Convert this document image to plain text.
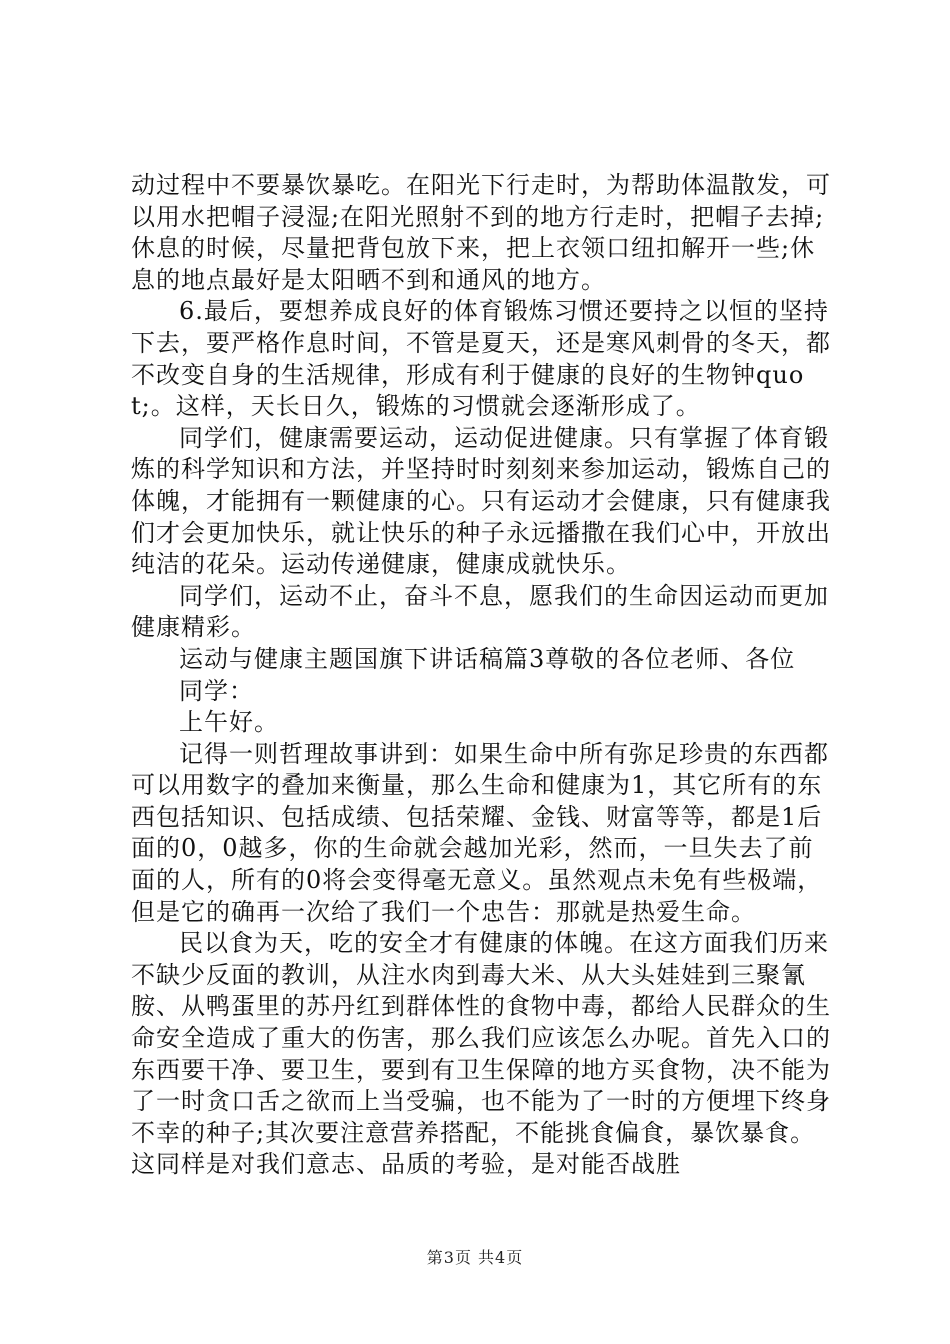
动过程中不要暴饮暴吃。在阳光下行走时，为帮助体温散发，可以用水把帽子浸湿;在阳光照射不到的地方行走时，把帽子去掉;休息的时候，尽量把背包放下来，把上衣领口纽扣解开一些;休息的地点最好是太阳晒不到和通风的地方。

6.最后，要想养成良好的体育锻炼习惯还要持之以恒的坚持下去，要严格作息时间，不管是夏天，还是寒风刺骨的冬天，都不改变自身的生活规律，形成有利于健康的良好的生物钟quot;。这样，天长日久，锻炼的习惯就会逐渐形成了。

同学们，健康需要运动，运动促进健康。只有掌握了体育锻炼的科学知识和方法，并坚持时时刻刻来参加运动，锻炼自己的体魄，才能拥有一颗健康的心。只有运动才会健康，只有健康我们才会更加快乐，就让快乐的种子永远播撒在我们心中，开放出纯洁的花朵。运动传递健康，健康成就快乐。

同学们，运动不止，奋斗不息，愿我们的生命因运动而更加健康精彩。

运动与健康主题国旗下讲话稿篇3尊敬的各位老师、各位

同学：

上午好。

记得一则哲理故事讲到：如果生命中所有弥足珍贵的东西都可以用数字的叠加来衡量，那么生命和健康为1，其它所有的东西包括知识、包括成绩、包括荣耀、金钱、财富等等，都是1后面的0，0越多，你的生命就会越加光彩，然而，一旦失去了前面的人，所有的0将会变得毫无意义。虽然观点未免有些极端，但是它的确再一次给了我们一个忠告：那就是热爱生命。

民以食为天，吃的安全才有健康的体魄。在这方面我们历来不缺少反面的教训，从注水肉到毒大米、从大头娃娃到三聚氰胺、从鸭蛋里的苏丹红到群体性的食物中毒，都给人民群众的生命安全造成了重大的伤害，那么我们应该怎么办呢。首先入口的东西要干净、要卫生，要到有卫生保障的地方买食物，决不能为了一时贪口舌之欲而上当受骗，也不能为了一时的方便埋下终身不幸的种子;其次要注意营养搭配，不能挑食偏食，暴饮暴食。这同样是对我们意志、品质的考验，是对能否战胜

第3页 共4页
